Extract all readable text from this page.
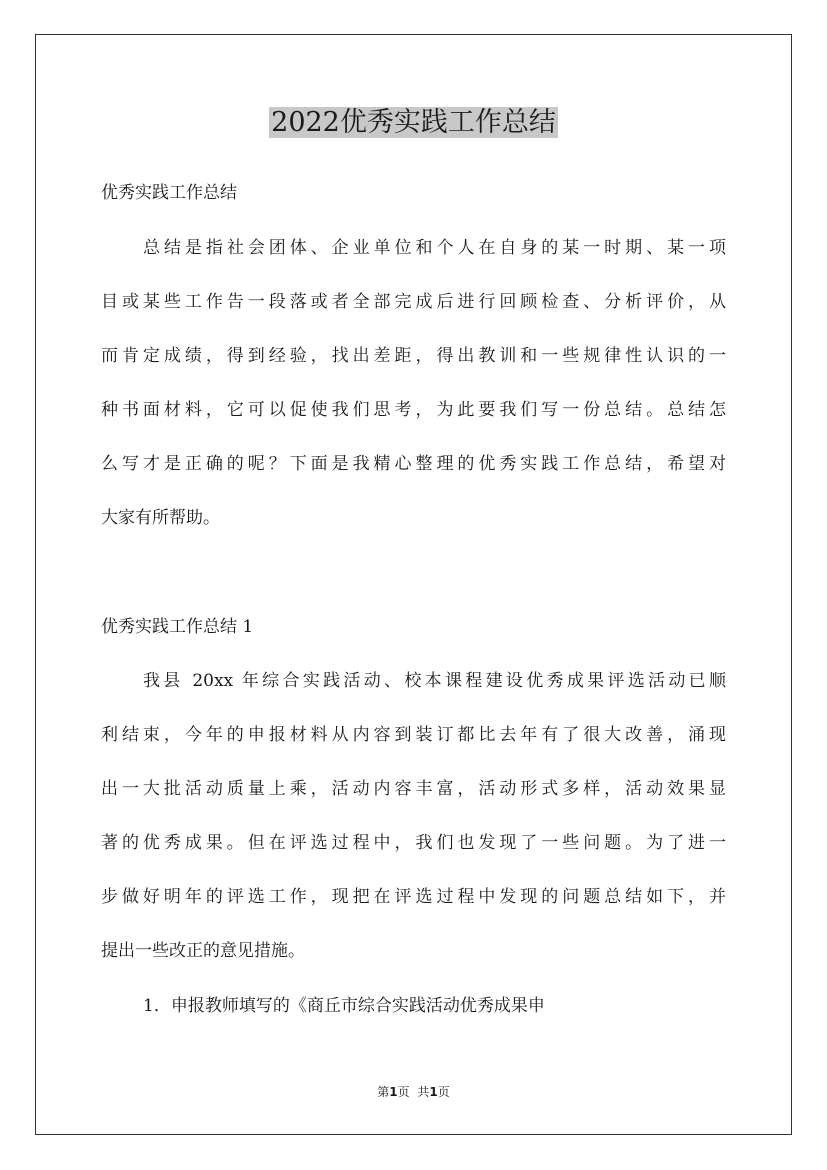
2022优秀实践工作总结
优秀实践工作总结
总结是指社会团体、企业单位和个人在自身的某一时期、某一项
目或某些工作告一段落或者全部完成后进行回顾检查、分析评价，从
而肯定成绩，得到经验，找出差距，得出教训和一些规律性认识的一
种书面材料，它可以促使我们思考，为此要我们写一份总结。总结怎
么写才是正确的呢？下面是我精心整理的优秀实践工作总结，希望对
大家有所帮助。
优秀实践工作总结 1
我县 20xx 年综合实践活动、校本课程建设优秀成果评选活动已顺
利结束，今年的申报材料从内容到装订都比去年有了很大改善，涌现
出一大批活动质量上乘，活动内容丰富，活动形式多样，活动效果显
著的优秀成果。但在评选过程中，我们也发现了一些问题。为了进一
步做好明年的评选工作，现把在评选过程中发现的问题总结如下，并
提出一些改正的意见措施。
1．申报教师填写的《商丘市综合实践活动优秀成果申
第1页 共1页
